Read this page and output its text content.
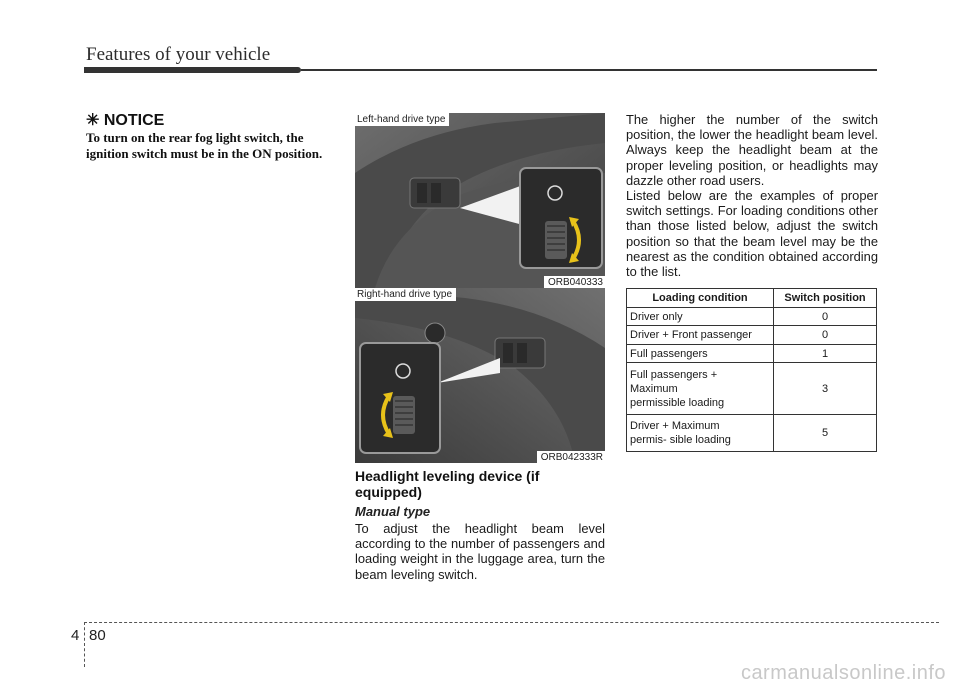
Features of your vehicle
✳ NOTICE
To turn on the rear fog light switch, the ignition switch must be in the ON position.
Left-hand drive type
ORB040333
Right-hand drive type
ORB042333R
Headlight leveling device (if equipped)
Manual type
To adjust the headlight beam level according to the number of passengers and loading weight in the luggage area, turn the beam leveling switch.

The higher the number of the switch position, the lower the headlight beam level. Always keep the headlight beam at the proper leveling position, or headlights may dazzle other road users.

Listed below are the examples of proper switch settings. For loading conditions other than those listed below, adjust the switch position so that the beam level may be the nearest as the condition obtained according to the list.

Loading condition	Switch position
Driver only	0
Driver + Front passenger	0
Full passengers	1
Full passengers + Maximum permissible loading	3
Driver + Maximum permis- sible loading	5
4 80
carmanualsonline.info
